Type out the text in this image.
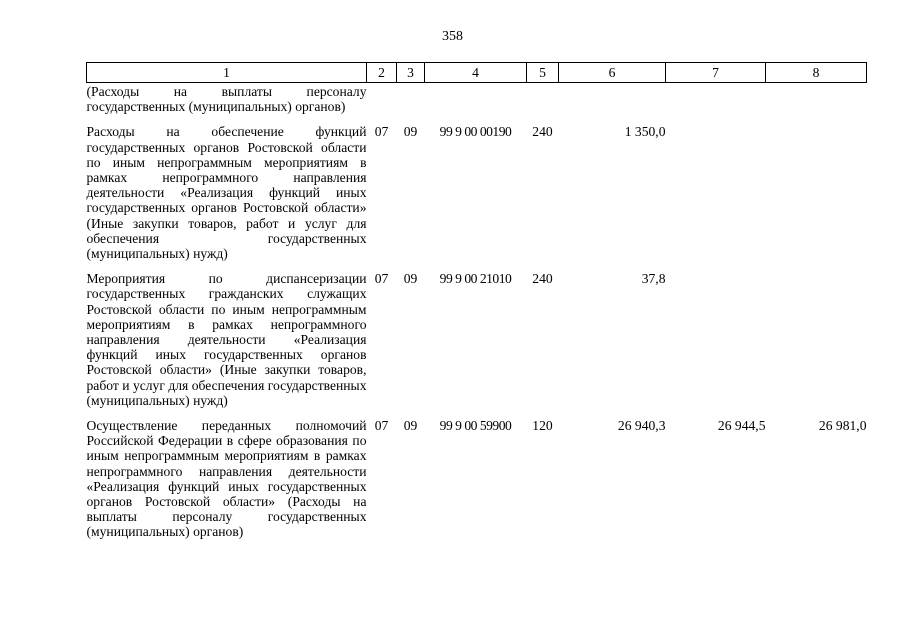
358
1	2	3	4	5	6	7	8
(Расходы на выплаты персоналу государственных (муниципальных) органов)							

Расходы на обеспечение функций государственных органов Ростовской области по иным непрограммным мероприятиям в рамках непрограммного направления деятельности «Реализация функций иных государственных органов Ростовской области» (Иные закупки товаров, работ и услуг для обеспечения государственных (муниципальных) нужд)	07	09	99 9 00 00190	240	1 350,0		

Мероприятия по диспансеризации государственных гражданских служащих Ростовской области по иным непрограммным мероприятиям в рамках непрограммного направления деятельности «Реализация функций иных государственных органов Ростовской области» (Иные закупки товаров, работ и услуг для обеспечения государственных (муниципальных) нужд)	07	09	99 9 00 21010	240	37,8		

Осуществление переданных полномочий Российской Федерации в сфере образования по иным непрограммным мероприятиям в рамках непрограммного направления деятельности «Реализация функций иных государственных органов Ростовской области» (Расходы на выплаты персоналу государственных (муниципальных) органов)	07	09	99 9 00 59900	120	26 940,3	26 944,5	26 981,0
